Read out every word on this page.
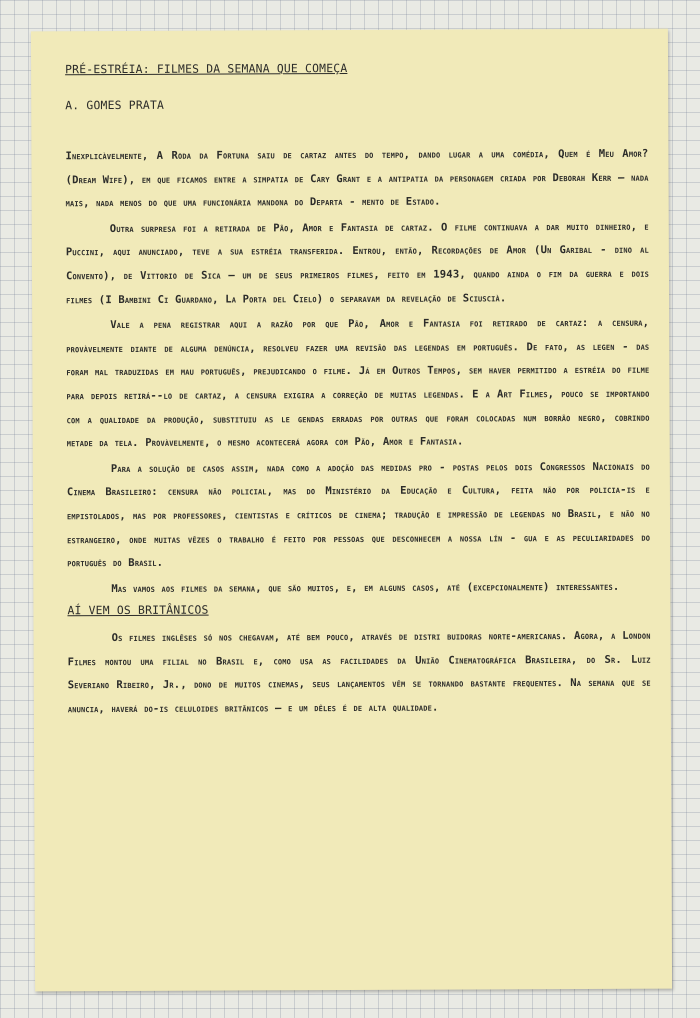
PRÉ-ESTRÉIA: FILMES DA SEMANA QUE COMEÇA
A. GOMES PRATA

Inexplicàvelmente, A Roda da Fortuna saiu de cartaz antes do tempo, dando lugar a uma comédia, Quem é Meu Amor? (Dream Wife), em que ficamos entre a simpatia de Cary Grant e a antipatia da personagem criada por Deborah Kerr — nada mais, nada menos do que uma funcionária mandona do Departa - mento de Estado.

Outra surpresa foi a retirada de Pão, Amor e Fantasia de cartaz. O filme continuava a dar muito dinheiro, e Puccini, aqui anunciado, teve a sua estréia transferida. Entrou, então, Recordações de Amor (Un Garibal - dino al Convento), de Vittorio de Sica — um de seus primeiros filmes, feito em 1943, quando ainda o fim da guerra e dois filmes (I Bambini Ci Guardano, La Porta del Cielo) o separavam da revelação de Sciuscià.

Vale a pena registrar aqui a razão por que Pão, Amor e Fantasia foi retirado de cartaz: a censura, provàvelmente diante de alguma denúncia, resolveu fazer uma revisão das legendas em português. De fato, as legen - das foram mal traduzidas em mau português, prejudicando o filme. Já em Outros Tempos, sem haver permitido a estréia do filme para depois retirá--lo de cartaz, a censura exigira a correção de muitas legendas. E a Art Filmes, pouco se importando com a qualidade da produção, substituiu as le gendas erradas por outras que foram colocadas num borrão negro, cobrindo metade da tela. Provàvelmente, o mesmo acontecerá agora com Pão, Amor e Fantasia.

Para a solução de casos assim, nada como a adoção das medidas pro - postas pelos dois Congressos Nacionais do Cinema Brasileiro: censura não policial, mas do Ministério da Educação e Cultura, feita não por policia-is e empistolados, mas por professores, cientistas e críticos de cinema; tradução e impressão de legendas no Brasil, e não no estrangeiro, onde muitas vêzes o trabalho é feito por pessoas que desconhecem a nossa lín - gua e as peculiaridades do português do Brasil.

Mas vamos aos filmes da semana, que são muitos, e, em alguns casos, até (excepcionalmente) interessantes.

AÍ VEM OS BRITÂNICOS

Os filmes inglêses só nos chegavam, até bem pouco, através de distri buidoras norte-americanas. Agora, a London Filmes montou uma filial no Brasil e, como usa as facilidades da União Cinematográfica Brasileira, do Sr. Luiz Severiano Ribeiro, Jr., dono de muitos cinemas, seus lançamentos vêm se tornando bastante frequentes. Na semana que se anuncia, haverá do-is celuloides britânicos — e um dêles é de alta qualidade.
